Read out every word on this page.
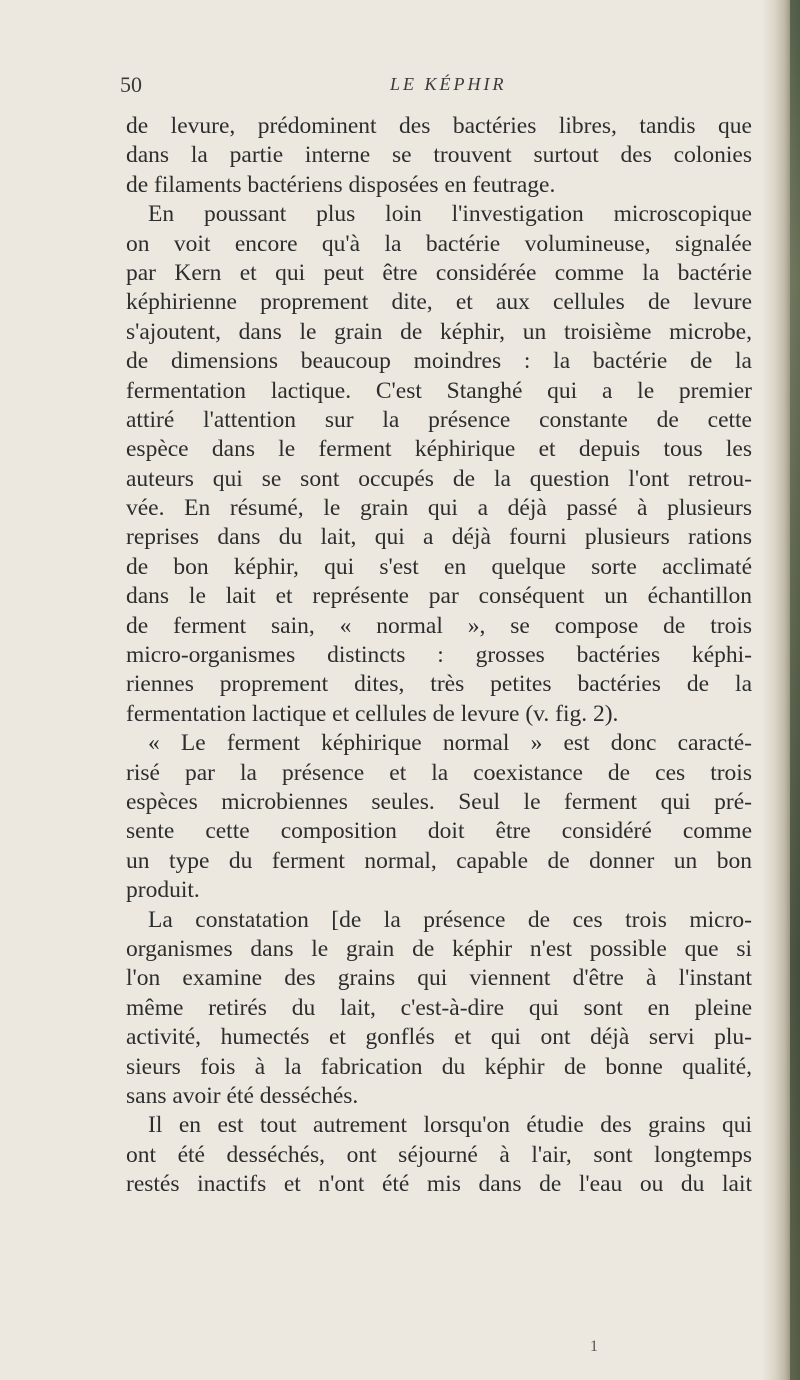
50	LE KÉPHIR
de levure, prédominent des bactéries libres, tandis que
dans la partie interne se trouvent surtout des colonies
de filaments bactériens disposées en feutrage.
En poussant plus loin l'investigation microscopique
on voit encore qu'à la bactérie volumineuse, signalée
par Kern et qui peut être considérée comme la bactérie
képhirienne proprement dite, et aux cellules de levure
s'ajoutent, dans le grain de képhir, un troisième microbe,
de dimensions beaucoup moindres : la bactérie de la
fermentation lactique. C'est Stanghé qui a le premier
attiré l'attention sur la présence constante de cette
espèce dans le ferment képhirique et depuis tous les
auteurs qui se sont occupés de la question l'ont retrou-
vée. En résumé, le grain qui a déjà passé à plusieurs
reprises dans du lait, qui a déjà fourni plusieurs rations
de bon képhir, qui s'est en quelque sorte acclimaté
dans le lait et représente par conséquent un échantillon
de ferment sain, « normal », se compose de trois
micro-organismes distincts : grosses bactéries képhi-
riennes proprement dites, très petites bactéries de la
fermentation lactique et cellules de levure (v. fig. 2).
« Le ferment képhirique normal » est donc caracté-
risé par la présence et la coexistance de ces trois
espèces microbiennes seules. Seul le ferment qui pré-
sente cette composition doit être considéré comme
un type du ferment normal, capable de donner un bon
produit.
La constatation [de la présence de ces trois micro-
organismes dans le grain de képhir n'est possible que si
l'on examine des grains qui viennent d'être à l'instant
même retirés du lait, c'est-à-dire qui sont en pleine
activité, humectés et gonflés et qui ont déjà servi plu-
sieurs fois à la fabrication du képhir de bonne qualité,
sans avoir été desséchés.
Il en est tout autrement lorsqu'on étudie des grains qui
ont été desséchés, ont séjourné à l'air, sont longtemps
restés inactifs et n'ont été mis dans de l'eau ou du lait
1
